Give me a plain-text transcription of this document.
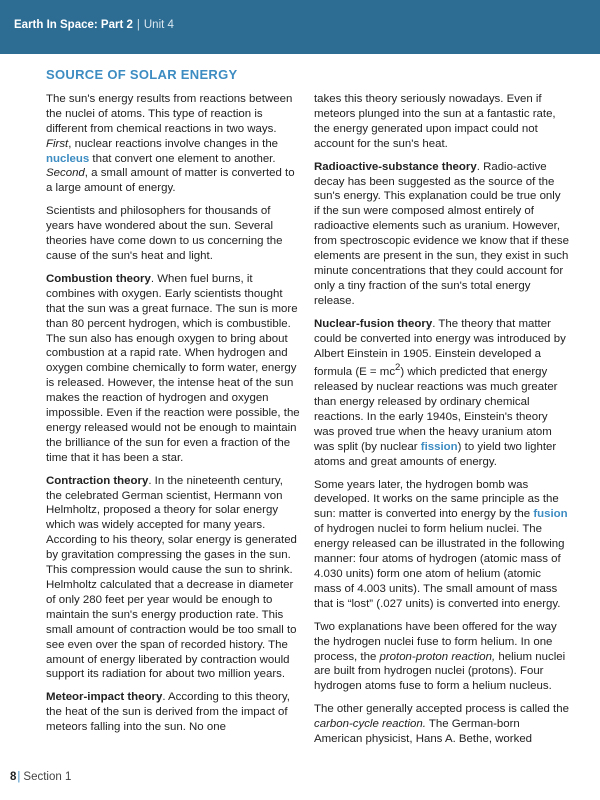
Earth In Space: Part 2 | Unit 4
SOURCE OF SOLAR ENERGY

The sun's energy results from reactions between the nuclei of atoms. This type of reaction is different from chemical reactions in two ways. First, nuclear reactions involve changes in the nucleus that convert one element to another. Second, a small amount of matter is converted to a large amount of energy.

Scientists and philosophers for thousands of years have wondered about the sun. Several theories have come down to us concerning the cause of the sun's heat and light.

Combustion theory. When fuel burns, it combines with oxygen. Early scientists thought that the sun was a great furnace. The sun is more than 80 percent hydrogen, which is combustible. The sun also has enough oxygen to bring about combustion at a rapid rate. When hydrogen and oxygen combine chemically to form water, energy is released. However, the intense heat of the sun makes the reaction of hydrogen and oxygen impossible. Even if the reaction were possible, the energy released would not be enough to maintain the brilliance of the sun for even a fraction of the time that it has been a star.

Contraction theory. In the nineteenth century, the celebrated German scientist, Hermann von Helmholtz, proposed a theory for solar energy which was widely accepted for many years. According to his theory, solar energy is generated by gravitation compressing the gases in the sun. This compression would cause the sun to shrink. Helmholtz calculated that a decrease in diameter of only 280 feet per year would be enough to maintain the sun's energy production rate. This small amount of contraction would be too small to see even over the span of recorded history. The amount of energy liberated by contraction would support its radiation for about two million years.

Meteor-impact theory. According to this theory, the heat of the sun is derived from the impact of meteors falling into the sun. No one

takes this theory seriously nowadays. Even if meteors plunged into the sun at a fantastic rate, the energy generated upon impact could not account for the sun's heat.

Radioactive-substance theory. Radio-active decay has been suggested as the source of the sun's energy. This explanation could be true only if the sun were composed almost entirely of radioactive elements such as uranium. However, from spectroscopic evidence we know that if these elements are present in the sun, they exist in such minute concentrations that they could account for only a tiny fraction of the sun's total energy release.

Nuclear-fusion theory. The theory that matter could be converted into energy was introduced by Albert Einstein in 1905. Einstein developed a formula $(E = mc^2)$ which predicted that energy released by nuclear reactions was much greater than energy released by ordinary chemical reactions. In the early 1940s, Einstein's theory was proved true when the heavy uranium atom was split (by nuclear fission) to yield two lighter atoms and great amounts of energy.

Some years later, the hydrogen bomb was developed. It works on the same principle as the sun: matter is converted into energy by the fusion of hydrogen nuclei to form helium nuclei. The energy released can be illustrated in the following manner: four atoms of hydrogen (atomic mass of 4.030 units) form one atom of helium (atomic mass of 4.003 units). The small amount of mass that is “lost” (.027 units) is converted into energy.

Two explanations have been offered for the way the hydrogen nuclei fuse to form helium. In one process, the proton-proton reaction, helium nuclei are built from hydrogen nuclei (protons). Four hydrogen atoms fuse to form a helium nucleus.

The other generally accepted process is called the carbon-cycle reaction. The German-born American physicist, Hans A. Bethe, worked

8| Section 1
